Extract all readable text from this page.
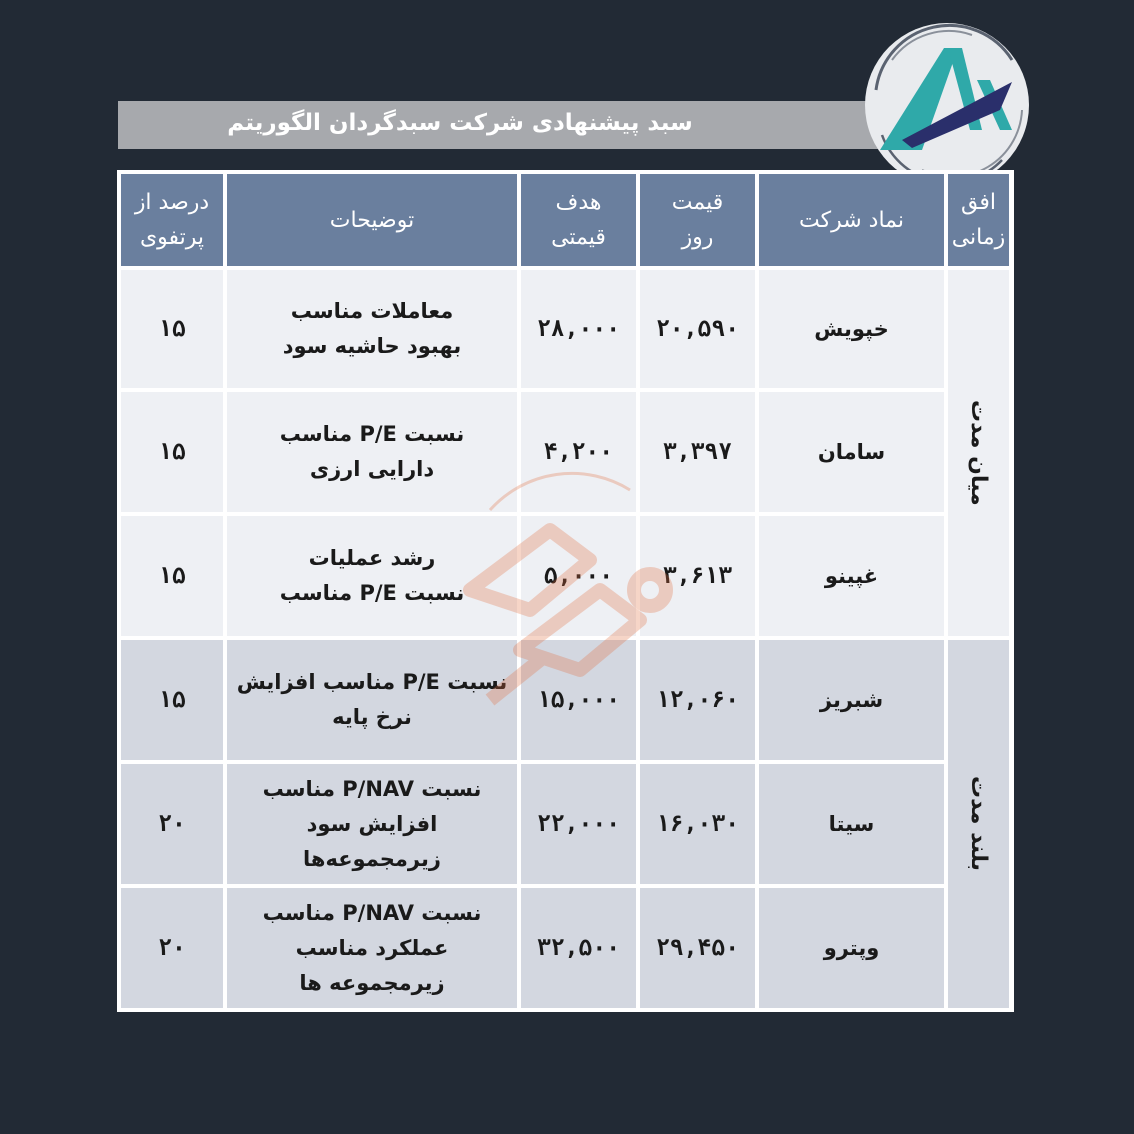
سبد پیشنهادی شرکت سبدگردان الگوریتم
افق
زمانی
نماد شرکت
قیمت
روز
هدف
قیمتی
توضیحات
درصد از
پرتفوی
میان مدت
بلند مدت
خپویش
۲۰,۵۹۰
۲۸,۰۰۰
معاملات مناسب
بهبود حاشیه سود
۱۵
سامان
۳,۳۹۷
۴,۲۰۰
نسبت P/E مناسب
دارایی ارزی
۱۵
غپینو
۳,۶۱۳
۵,۰۰۰
رشد عملیات
نسبت P/E مناسب
۱۵
شبریز
۱۲,۰۶۰
۱۵,۰۰۰
نسبت P/E مناسب افزایش
نرخ پایه
۱۵
سیتا
۱۶,۰۳۰
۲۲,۰۰۰
نسبت P/NAV مناسب
افزایش سود
زیرمجموعه‌ها
۲۰
وپترو
۲۹,۴۵۰
۳۲,۵۰۰
نسبت P/NAV مناسب
عملکرد مناسب
زیرمجموعه ها
۲۰
